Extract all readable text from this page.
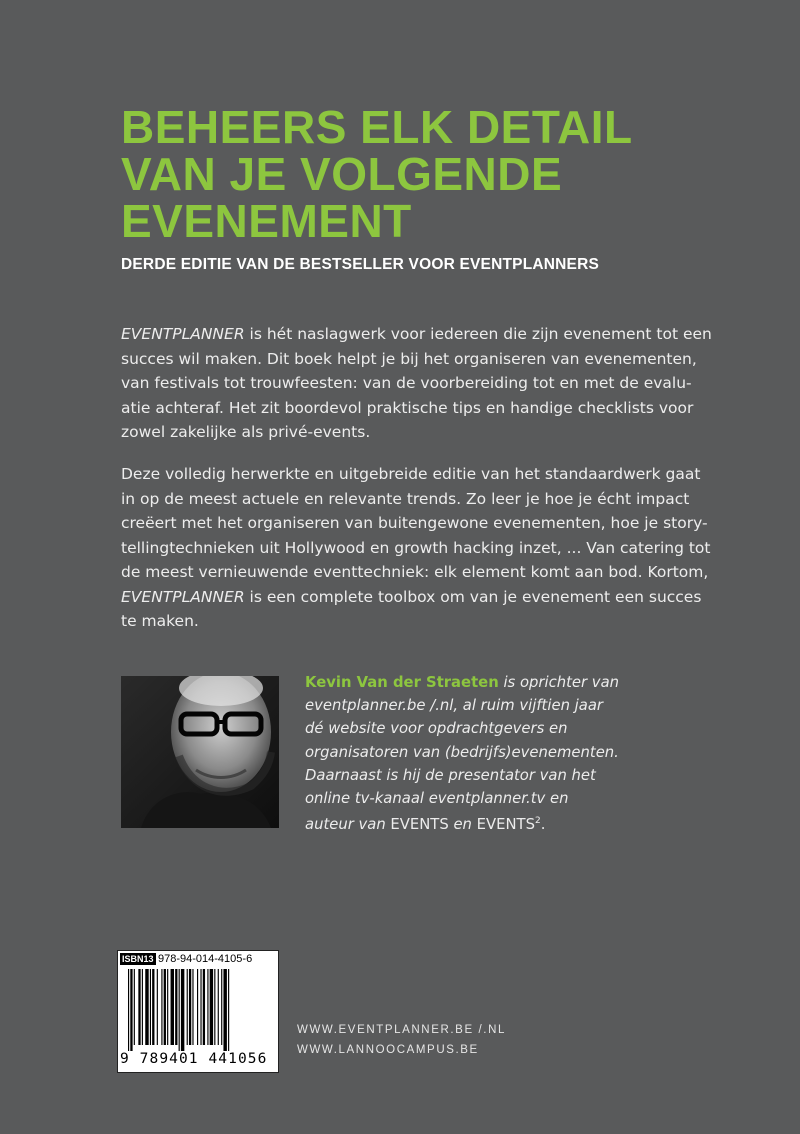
BEHEERS ELK DETAIL
VAN JE VOLGENDE
EVENEMENT
DERDE EDITIE VAN DE BESTSELLER VOOR EVENTPLANNERS
EVENTPLANNER is hét naslagwerk voor iedereen die zijn evenement tot een
succes wil maken. Dit boek helpt je bij het organiseren van evenementen,
van festivals tot trouwfeesten: van de voorbereiding tot en met de evalu-
atie achteraf. Het zit boordevol praktische tips en handige checklists voor
zowel zakelijke als privé-events.
Deze volledig herwerkte en uitgebreide editie van het standaardwerk gaat
in op de meest actuele en relevante trends. Zo leer je hoe je écht impact
creëert met het organiseren van buitengewone evenementen, hoe je story-
tellingtechnieken uit Hollywood en growth hacking inzet, ... Van catering tot
de meest vernieuwende eventtechniek: elk element komt aan bod. Kortom,
EVENTPLANNER is een complete toolbox om van je evenement een succes
te maken.
Kevin Van der Straeten is oprichter van
eventplanner.be /.nl, al ruim vijftien jaar
dé website voor opdrachtgevers en
organisatoren van (bedrijfs)evenementen.
Daarnaast is hij de presentator van het
online tv-kanaal eventplanner.tv en
auteur van EVENTS en EVENTS$^2$.
ISBN13 978-94-014-4105-6
9 789401 441056
WWW.EVENTPLANNER.BE /.NL
WWW.LANNOOCAMPUS.BE
